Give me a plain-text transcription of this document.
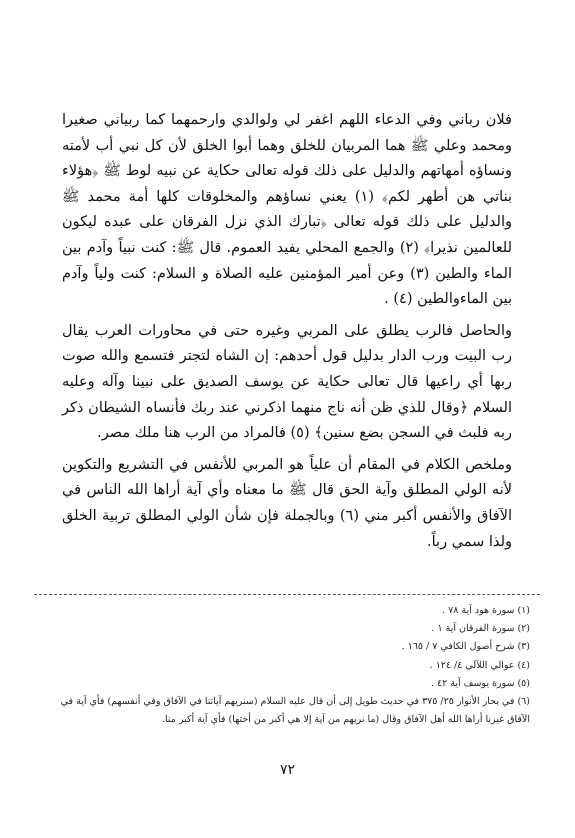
فلان رباني وفي الدعاء اللهم اغفر لي ولوالدي وارحمهما كما ربياني صغيرا ومحمد وعلي ﷺ هما المربيان للخلق وهما أبوا الخلق لأن كل نبي أب لأمته ونساؤه أمهاتهم والدليل على ذلك قوله تعالى حكاية عن نبيه لوط ﷺ ﴿هؤلاء بناتي هن أطهر لكم﴾ (١) يعني نساؤهم والمخلوقات كلها أمة محمد ﷺ والدليل على ذلك قوله تعالى ﴿تبارك الذي نزل الفرقان على عبده ليكون للعالمين نذيرا﴾ (٢) والجمع المحلي يفيد العموم. قال ﷺ: كنت نبياً وآدم بين الماء والطين (٣) وعن أمير المؤمنين عليه الصلاة و السلام: كنت ولياً وآدم بين الماءوالطين (٤) .

والحاصل فالرب يطلق على المربي وغيره حتى في محاورات العرب يقال رب البيت ورب الدار بدليل قول أحدهم: إن الشاه لتجتر فتسمع والله صوت ربها أي راعيها قال تعالى حكاية عن يوسف الصديق على نبينا وآله وعليه السلام ﴿وقال للذي ظن أنه ناج منهما اذكرني عند ربك فأنساه الشيطان ذكر ربه فلبث في السجن بضع سنين﴾ (٥) فالمراد من الرب هنا ملك مصر.

وملخص الكلام في المقام أن علياً هو المربي للأنفس في التشريع والتكوين لأنه الولي المطلق وآية الحق قال ﷺ ما معناه وأي آية أراها الله الناس في الآفاق والأنفس أكبر مني (٦) وبالجملة فإن شأن الولي المطلق تربية الخلق ولذا سمي رباً.

(١) سورة هود آية ٧٨ .

(٢) سورة الفرقان آية ١ .

(٣) شرح أصول الكافي ٧ / ١٦٥ .

(٤) عوالي اللآلي ٤/ ١٢٤ .

(٥) سورة يوسف آية ٤٢ .

(٦) في بحار الأنوار ٢٥/ ٣٧٥ في حديث طويل إلى أن قال عليه السلام (سنريهم آياتنا في الآفاق وفي أنفسهم) فأي آية في الآفاق غيرنا أراها الله أهل الآفاق وقال (ما نريهم من آية إلا هي أكبر من أختها) فأي آية أكبر منا.

٧٢
